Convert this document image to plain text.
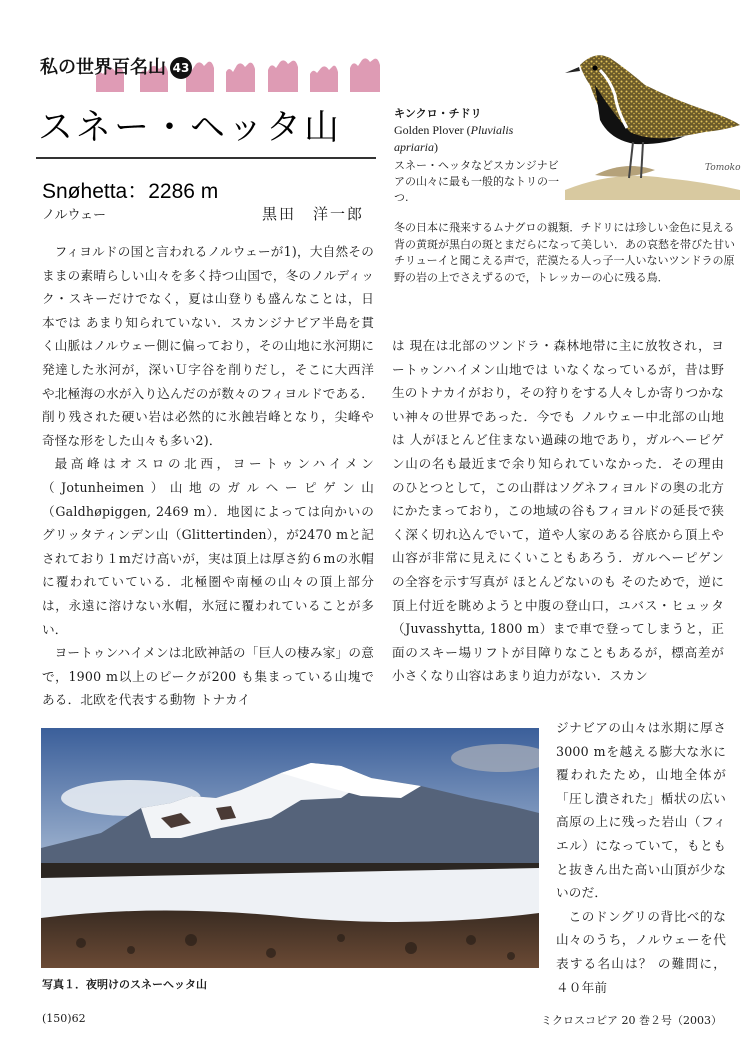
私の世界百名山 43
スネー・ヘッタ山
Snøhetta：2286 m
ノルウェー	黒田　洋一郎
Tomoko
キンクロ・チドリ
Golden Plover (Pluvialis apriaria)
スネー・ヘッタなどスカンジナビアの山々に最も一般的なトリの一つ.
冬の日本に飛来するムナグロの親類．チドリには珍しい金色に見える背の黄斑が黒白の斑とまだらになって美しい．あの哀愁を帯びた甘いチリューイと聞こえる声で，茫漠たる人っ子一人いないツンドラの原野の岩の上でさえずるので，トレッカーの心に残る鳥．

フィヨルドの国と言われるノルウェーが1)，大自然そのままの素晴らしい山々を多く持つ山国で，冬のノルディック・スキーだけでなく，夏は山登りも盛んなことは，日本では あまり知られていない．スカンジナビア半島を貫く山脈はノルウェー側に偏っており，その山地に氷河期に発達した氷河が，深いＵ字谷を削りだし，そこに大西洋や北極海の水が入り込んだのが数々のフィヨルドである．削り残された硬い岩は必然的に氷蝕岩峰となり，尖峰や奇怪な形をした山々も多い2)．

最高峰はオスロの北西，ヨートゥンハイメン（Jotunheimen）山地のガルヘーピゲン山（Galdhøpiggen, 2469 m）．地図によっては向かいのグリッタティンデン山（Glittertinden），が2470 mと記されており１mだけ高いが，実は頂上は厚さ約６mの氷帽に覆われていている．北極圏や南極の山々の頂上部分は，永遠に溶けない氷帽，氷冠に覆われていることが多い．

ヨートゥンハイメンは北欧神話の「巨人の棲み家」の意で，1900 m以上のピークが200 も集まっている山塊である．北欧を代表する動物 トナカイ

は 現在は北部のツンドラ・森林地帯に主に放牧され，ヨートゥンハイメン山地では いなくなっているが，昔は野生のトナカイがおり，その狩りをする人々しか寄りつかない神々の世界であった．今でも ノルウェー中北部の山地は 人がほとんど住まない過疎の地であり，ガルヘーピゲン山の名も最近まで余り知られていなかった．その理由のひとつとして，この山群はソグネフィヨルドの奥の北方にかたまっており，この地域の谷もフィヨルドの延長で狭く深く切れ込んでいて，道や人家のある谷底から頂上や山容が非常に見えにくいこともあろう．ガルヘーピゲンの全容を示す写真が ほとんどないのも そのためで，逆に頂上付近を眺めようと中腹の登山口，ユバス・ヒュッタ（Juvasshytta, 1800 m）まで車で登ってしまうと，正面のスキー場リフトが目障りなこともあるが，標高差が小さくなり山容はあまり迫力がない．スカン

ジナビアの山々は氷期に厚さ 3000 mを越える膨大な氷に覆われたため，山地全体が「圧し潰された」楯状の広い高原の上に残った岩山（フィエル）になっていて，もともと抜きん出た高い山頂が少ないのだ．

このドングリの背比べ的な山々のうち，ノルウェーを代表する名山は？ の難問に，４０年前

写真１．夜明けのスネーヘッタ山
(150)62	ミクロスコピア 20 巻２号（2003）
